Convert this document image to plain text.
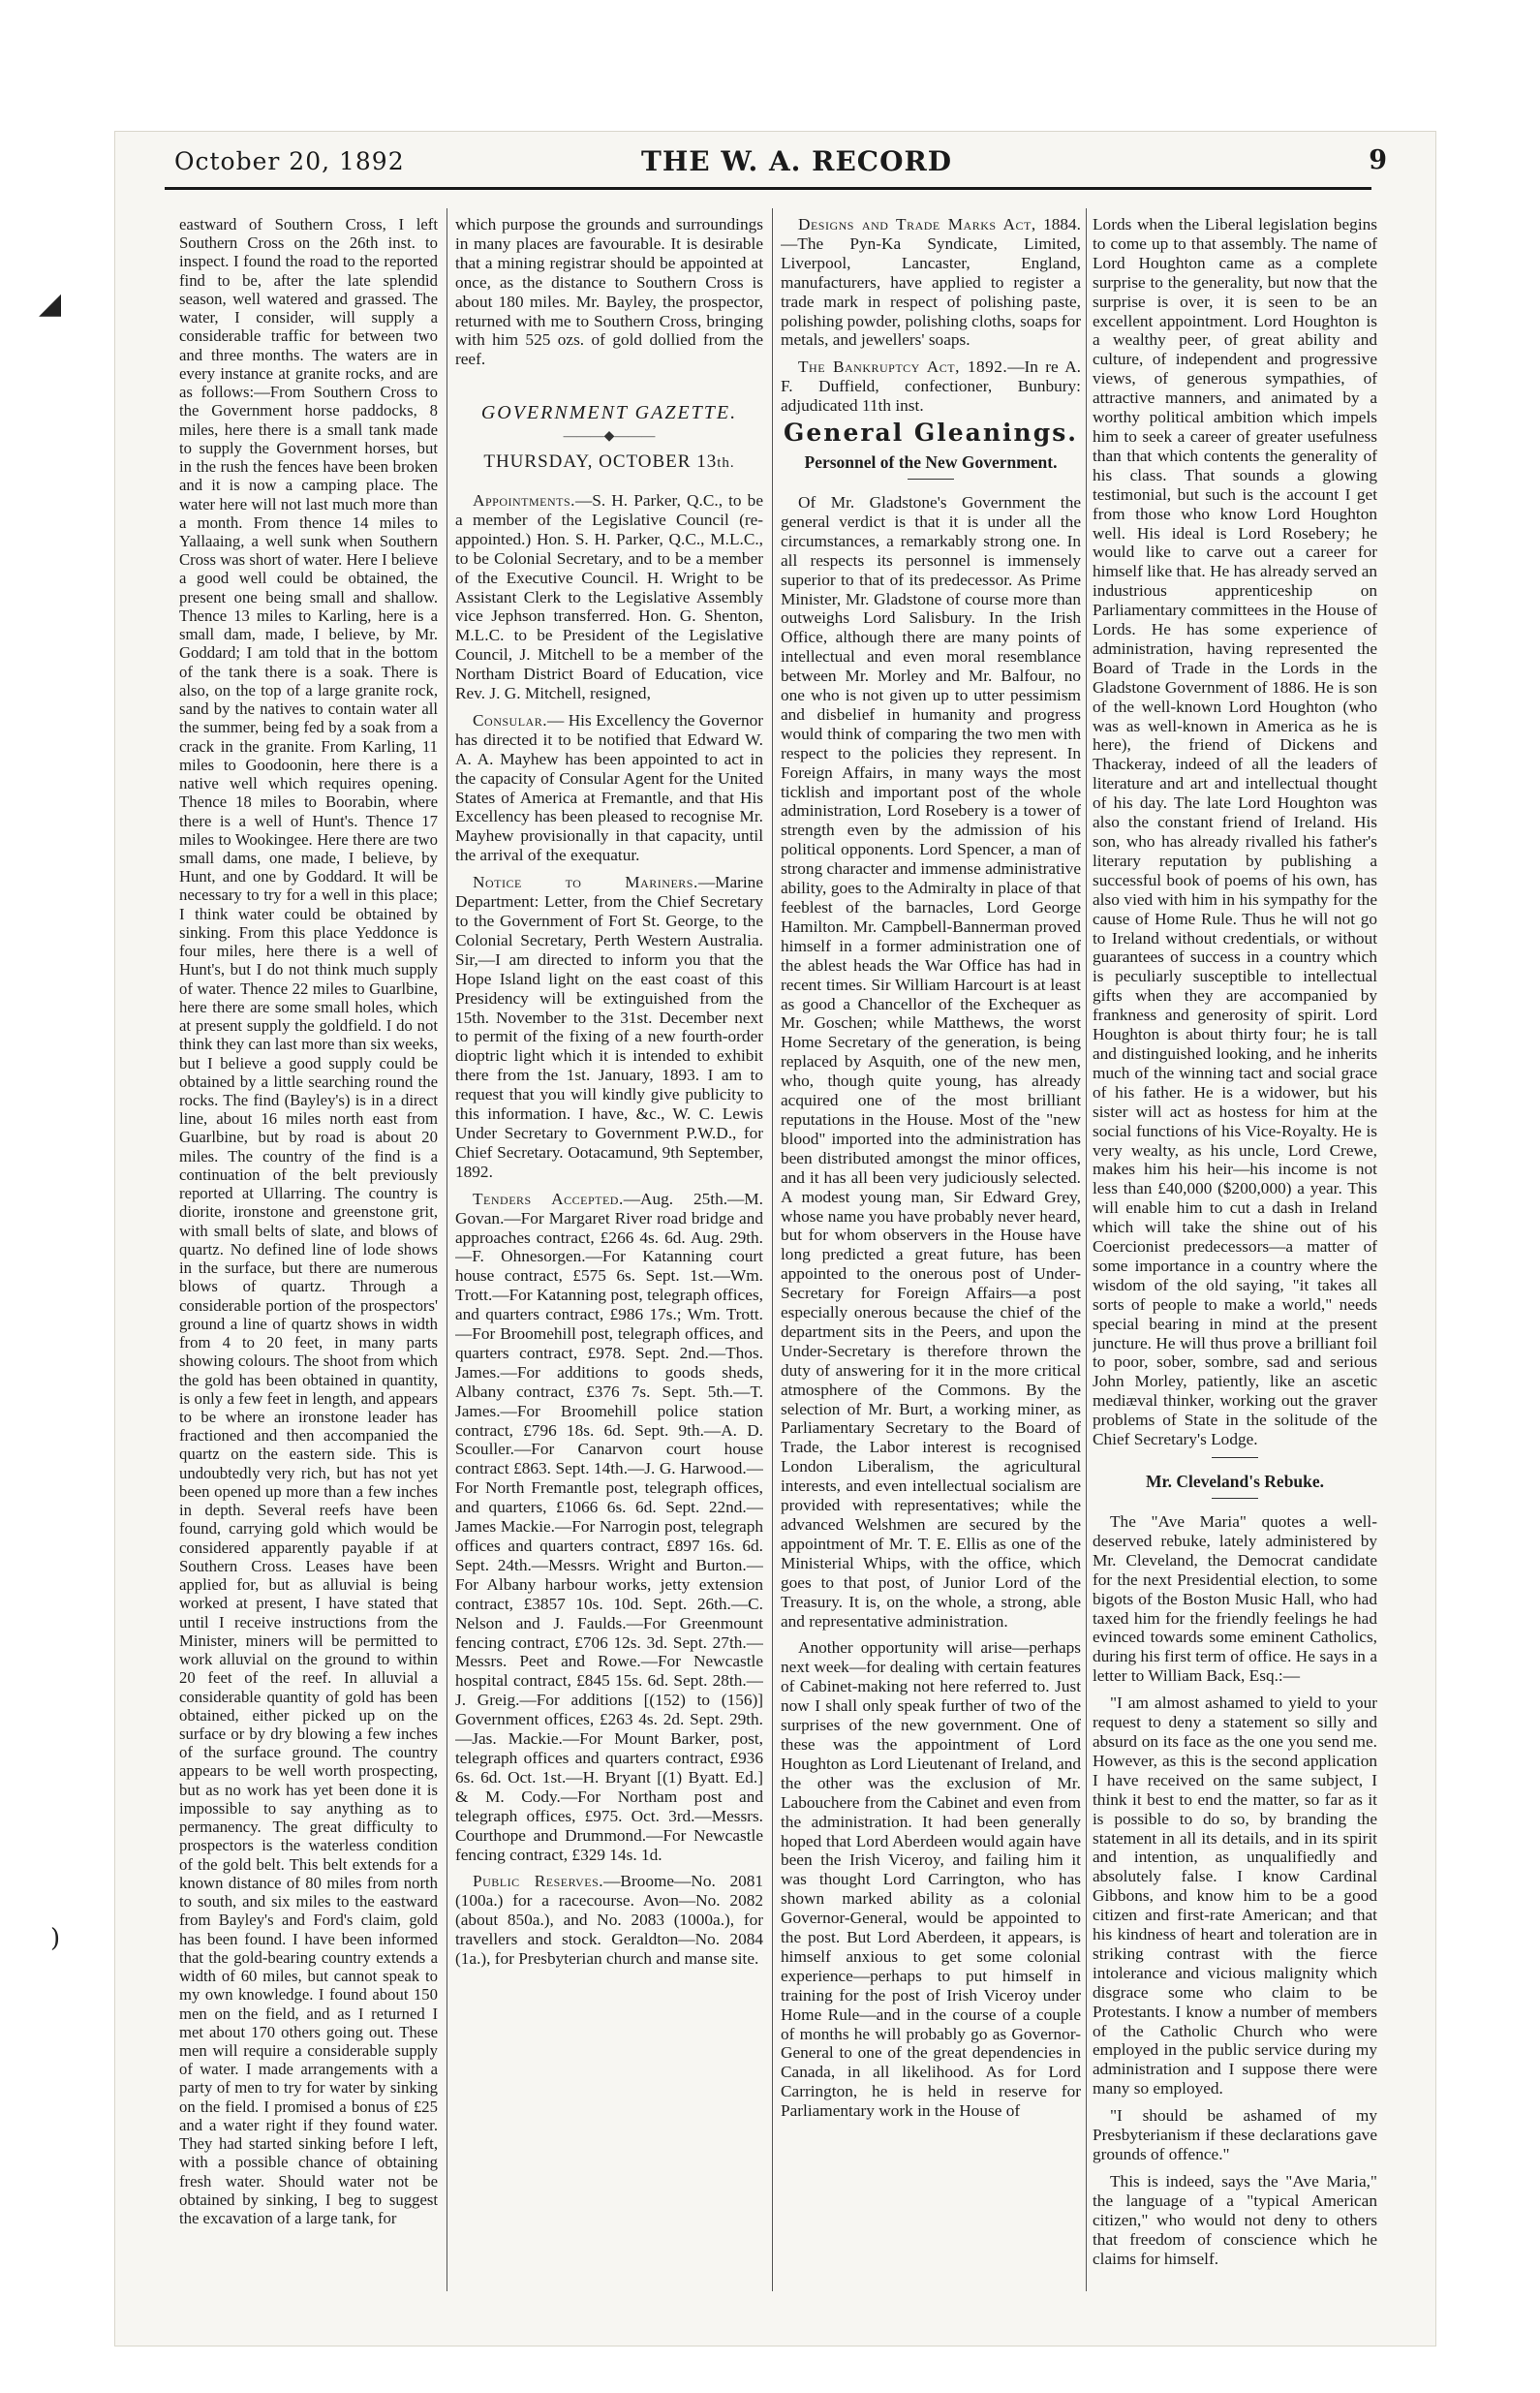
October 20, 1892	THE W. A. RECORD	9
◢
)

eastward of Southern Cross, I left Southern Cross on the 26th inst. to inspect. I found the road to the reported find to be, after the late splendid season, well watered and grassed. The water, I consider, will supply a considerable traffic for between two and three months. The waters are in every instance at granite rocks, and are as follows:—From Southern Cross to the Government horse paddocks, 8 miles, here there is a small tank made to supply the Government horses, but in the rush the fences have been broken and it is now a camping place. The water here will not last much more than a month. From thence 14 miles to Yallaaing, a well sunk when Southern Cross was short of water. Here I believe a good well could be obtained, the present one being small and shallow. Thence 13 miles to Karling, here is a small dam, made, I believe, by Mr. Goddard; I am told that in the bottom of the tank there is a soak. There is also, on the top of a large granite rock, sand by the natives to contain water all the summer, being fed by a soak from a crack in the granite. From Karling, 11 miles to Goodoonin, here there is a native well which requires opening. Thence 18 miles to Boorabin, where there is a well of Hunt's. Thence 17 miles to Wookingee. Here there are two small dams, one made, I believe, by Hunt, and one by Goddard. It will be necessary to try for a well in this place; I think water could be obtained by sinking. From this place Yeddonce is four miles, here there is a well of Hunt's, but I do not think much supply of water. Thence 22 miles to Guarlbine, here there are some small holes, which at present supply the goldfield. I do not think they can last more than six weeks, but I believe a good supply could be obtained by a little searching round the rocks. The find (Bayley's) is in a direct line, about 16 miles north east from Guarlbine, but by road is about 20 miles. The country of the find is a continuation of the belt previously reported at Ullarring. The country is diorite, ironstone and greenstone grit, with small belts of slate, and blows of quartz. No defined line of lode shows in the surface, but there are numerous blows of quartz. Through a considerable portion of the prospectors' ground a line of quartz shows in width from 4 to 20 feet, in many parts showing colours. The shoot from which the gold has been obtained in quantity, is only a few feet in length, and appears to be where an ironstone leader has fractioned and then accompanied the quartz on the eastern side. This is undoubtedly very rich, but has not yet been opened up more than a few inches in depth. Several reefs have been found, carrying gold which would be considered apparently payable if at Southern Cross. Leases have been applied for, but as alluvial is being worked at present, I have stated that until I receive instructions from the Minister, miners will be permitted to work alluvial on the ground to within 20 feet of the reef. In alluvial a considerable quantity of gold has been obtained, either picked up on the surface or by dry blowing a few inches of the surface ground. The country appears to be well worth prospecting, but as no work has yet been done it is impossible to say anything as to permanency. The great difficulty to prospectors is the waterless condition of the gold belt. This belt extends for a known distance of 80 miles from north to south, and six miles to the eastward from Bayley's and Ford's claim, gold has been found. I have been informed that the gold-bearing country extends a width of 60 miles, but cannot speak to my own knowledge. I found about 150 men on the field, and as I returned I met about 170 others going out. These men will require a considerable supply of water. I made arrangements with a party of men to try for water by sinking on the field. I promised a bonus of £25 and a water right if they found water. They had started sinking before I left, with a possible chance of obtaining fresh water. Should water not be obtained by sinking, I beg to suggest the excavation of a large tank, for

which purpose the grounds and surroundings in many places are favourable. It is desirable that a mining registrar should be appointed at once, as the distance to Southern Cross is about 180 miles. Mr. Bayley, the prospector, returned with me to Southern Cross, bringing with him 525 ozs. of gold dollied from the reef.

GOVERNMENT GAZETTE.
———◆———
THURSDAY, OCTOBER 13th.

Appointments.—S. H. Parker, Q.C., to be a member of the Legislative Council (re-appointed.) Hon. S. H. Parker, Q.C., M.L.C., to be Colonial Secretary, and to be a member of the Executive Council. H. Wright to be Assistant Clerk to the Legislative Assembly vice Jephson transferred. Hon. G. Shenton, M.L.C. to be President of the Legislative Council, J. Mitchell to be a member of the Northam District Board of Education, vice Rev. J. G. Mitchell, resigned,

Consular.— His Excellency the Governor has directed it to be notified that Edward W. A. A. Mayhew has been appointed to act in the capacity of Consular Agent for the United States of America at Fremantle, and that His Excellency has been pleased to recognise Mr. Mayhew provisionally in that capacity, until the arrival of the exequatur.

Notice to Mariners.—Marine Department: Letter, from the Chief Secretary to the Government of Fort St. George, to the Colonial Secretary, Perth Western Australia. Sir,—I am directed to inform you that the Hope Island light on the east coast of this Presidency will be extinguished from the 15th. November to the 31st. December next to permit of the fixing of a new fourth-order dioptric light which it is intended to exhibit there from the 1st. January, 1893. I am to request that you will kindly give publicity to this information. I have, &c., W. C. Lewis Under Secretary to Government P.W.D., for Chief Secretary. Ootacamund, 9th September, 1892.

Tenders Accepted.—Aug. 25th.—M. Govan.—For Margaret River road bridge and approaches contract, £266 4s. 6d. Aug. 29th.—F. Ohnesorgen.—For Katanning court house contract, £575 6s. Sept. 1st.—Wm. Trott.—For Katanning post, telegraph offices, and quarters contract, £986 17s.; Wm. Trott.—For Broomehill post, telegraph offices, and quarters contract, £978. Sept. 2nd.—Thos. James.—For additions to goods sheds, Albany contract, £376 7s. Sept. 5th.—T. James.—For Broomehill police station contract, £796 18s. 6d. Sept. 9th.—A. D. Scouller.—For Canarvon court house contract £863. Sept. 14th.—J. G. Harwood.—For North Fremantle post, telegraph offices, and quarters, £1066 6s. 6d. Sept. 22nd.—James Mackie.—For Narrogin post, telegraph offices and quarters contract, £897 16s. 6d. Sept. 24th.—Messrs. Wright and Burton.—For Albany harbour works, jetty extension contract, £3857 10s. 10d. Sept. 26th.—C. Nelson and J. Faulds.—For Greenmount fencing contract, £706 12s. 3d. Sept. 27th.—Messrs. Peet and Rowe.—For Newcastle hospital contract, £845 15s. 6d. Sept. 28th.—J. Greig.—For additions [(152) to (156)] Government offices, £263 4s. 2d. Sept. 29th.—Jas. Mackie.—For Mount Barker, post, telegraph offices and quarters contract, £936 6s. 6d. Oct. 1st.—H. Bryant [(1) Byatt. Ed.] & M. Cody.—For Northam post and telegraph offices, £975. Oct. 3rd.—Messrs. Courthope and Drummond.—For Newcastle fencing contract, £329 14s. 1d.

Public Reserves.—Broome—No. 2081 (100a.) for a racecourse. Avon—No. 2082 (about 850a.), and No. 2083 (1000a.), for travellers and stock. Geraldton—No. 2084 (1a.), for Presbyterian church and manse site.

Designs and Trade Marks Act, 1884.—The Pyn-Ka Syndicate, Limited, Liverpool, Lancaster, England, manufacturers, have applied to register a trade mark in respect of polishing paste, polishing powder, polishing cloths, soaps for metals, and jewellers' soaps.

The Bankruptcy Act, 1892.—In re A. F. Duffield, confectioner, Bunbury: adjudicated 11th inst.

General Gleanings.
Personnel of the New Government.

Of Mr. Gladstone's Government the general verdict is that it is under all the circumstances, a remarkably strong one. In all respects its personnel is immensely superior to that of its predecessor. As Prime Minister, Mr. Gladstone of course more than outweighs Lord Salisbury. In the Irish Office, although there are many points of intellectual and even moral resemblance between Mr. Morley and Mr. Balfour, no one who is not given up to utter pessimism and disbelief in humanity and progress would think of comparing the two men with respect to the policies they represent. In Foreign Affairs, in many ways the most ticklish and important post of the whole administration, Lord Rosebery is a tower of strength even by the admission of his political opponents. Lord Spencer, a man of strong character and immense administrative ability, goes to the Admiralty in place of that feeblest of the barnacles, Lord George Hamilton. Mr. Campbell-Bannerman proved himself in a former administration one of the ablest heads the War Office has had in recent times. Sir William Harcourt is at least as good a Chancellor of the Exchequer as Mr. Goschen; while Matthews, the worst Home Secretary of the generation, is being replaced by Asquith, one of the new men, who, though quite young, has already acquired one of the most brilliant reputations in the House. Most of the "new blood" imported into the administration has been distributed amongst the minor offices, and it has all been very judiciously selected. A modest young man, Sir Edward Grey, whose name you have probably never heard, but for whom observers in the House have long predicted a great future, has been appointed to the onerous post of Under-Secretary for Foreign Affairs—a post especially onerous because the chief of the department sits in the Peers, and upon the Under-Secretary is therefore thrown the duty of answering for it in the more critical atmosphere of the Commons. By the selection of Mr. Burt, a working miner, as Parliamentary Secretary to the Board of Trade, the Labor interest is recognised London Liberalism, the agricultural interests, and even intellectual socialism are provided with representatives; while the advanced Welshmen are secured by the appointment of Mr. T. E. Ellis as one of the Ministerial Whips, with the office, which goes to that post, of Junior Lord of the Treasury. It is, on the whole, a strong, able and representative administration.

Another opportunity will arise—perhaps next week—for dealing with certain features of Cabinet-making not here referred to. Just now I shall only speak further of two of the surprises of the new government. One of these was the appointment of Lord Houghton as Lord Lieutenant of Ireland, and the other was the exclusion of Mr. Labouchere from the Cabinet and even from the administration. It had been generally hoped that Lord Aberdeen would again have been the Irish Viceroy, and failing him it was thought Lord Carrington, who has shown marked ability as a colonial Governor-General, would be appointed to the post. But Lord Aberdeen, it appears, is himself anxious to get some colonial experience—perhaps to put himself in training for the post of Irish Viceroy under Home Rule—and in the course of a couple of months he will probably go as Governor-General to one of the great dependencies in Canada, in all likelihood. As for Lord Carrington, he is held in reserve for Parliamentary work in the House of

Lords when the Liberal legislation begins to come up to that assembly. The name of Lord Houghton came as a complete surprise to the generality, but now that the surprise is over, it is seen to be an excellent appointment. Lord Houghton is a wealthy peer, of great ability and culture, of independent and progressive views, of generous sympathies, of attractive manners, and animated by a worthy political ambition which impels him to seek a career of greater usefulness than that which contents the generality of his class. That sounds a glowing testimonial, but such is the account I get from those who know Lord Houghton well. His ideal is Lord Rosebery; he would like to carve out a career for himself like that. He has already served an industrious apprenticeship on Parliamentary committees in the House of Lords. He has some experience of administration, having represented the Board of Trade in the Lords in the Gladstone Government of 1886. He is son of the well-known Lord Houghton (who was as well-known in America as he is here), the friend of Dickens and Thackeray, indeed of all the leaders of literature and art and intellectual thought of his day. The late Lord Houghton was also the constant friend of Ireland. His son, who has already rivalled his father's literary reputation by publishing a successful book of poems of his own, has also vied with him in his sympathy for the cause of Home Rule. Thus he will not go to Ireland without credentials, or without guarantees of success in a country which is peculiarly susceptible to intellectual gifts when they are accompanied by frankness and generosity of spirit. Lord Houghton is about thirty four; he is tall and distinguished looking, and he inherits much of the winning tact and social grace of his father. He is a widower, but his sister will act as hostess for him at the social functions of his Vice-Royalty. He is very wealty, as his uncle, Lord Crewe, makes him his heir—his income is not less than £40,000 ($200,000) a year. This will enable him to cut a dash in Ireland which will take the shine out of his Coercionist predecessors—a matter of some importance in a country where the wisdom of the old saying, "it takes all sorts of people to make a world," needs special bearing in mind at the present juncture. He will thus prove a brilliant foil to poor, sober, sombre, sad and serious John Morley, patiently, like an ascetic mediæval thinker, working out the graver problems of State in the solitude of the Chief Secretary's Lodge.

Mr. Cleveland's Rebuke.

The "Ave Maria" quotes a well-deserved rebuke, lately administered by Mr. Cleveland, the Democrat candidate for the next Presidential election, to some bigots of the Boston Music Hall, who had taxed him for the friendly feelings he had evinced towards some eminent Catholics, during his first term of office. He says in a letter to William Back, Esq.:—

"I am almost ashamed to yield to your request to deny a statement so silly and absurd on its face as the one you send me. However, as this is the second application I have received on the same subject, I think it best to end the matter, so far as it is possible to do so, by branding the statement in all its details, and in its spirit and intention, as unqualifiedly and absolutely false. I know Cardinal Gibbons, and know him to be a good citizen and first-rate American; and that his kindness of heart and toleration are in striking contrast with the fierce intolerance and vicious malignity which disgrace some who claim to be Protestants. I know a number of members of the Catholic Church who were employed in the public service during my administration and I suppose there were many so employed.

"I should be ashamed of my Presbyterianism if these declarations gave grounds of offence."

This is indeed, says the "Ave Maria," the language of a "typical American citizen," who would not deny to others that freedom of conscience which he claims for himself.
